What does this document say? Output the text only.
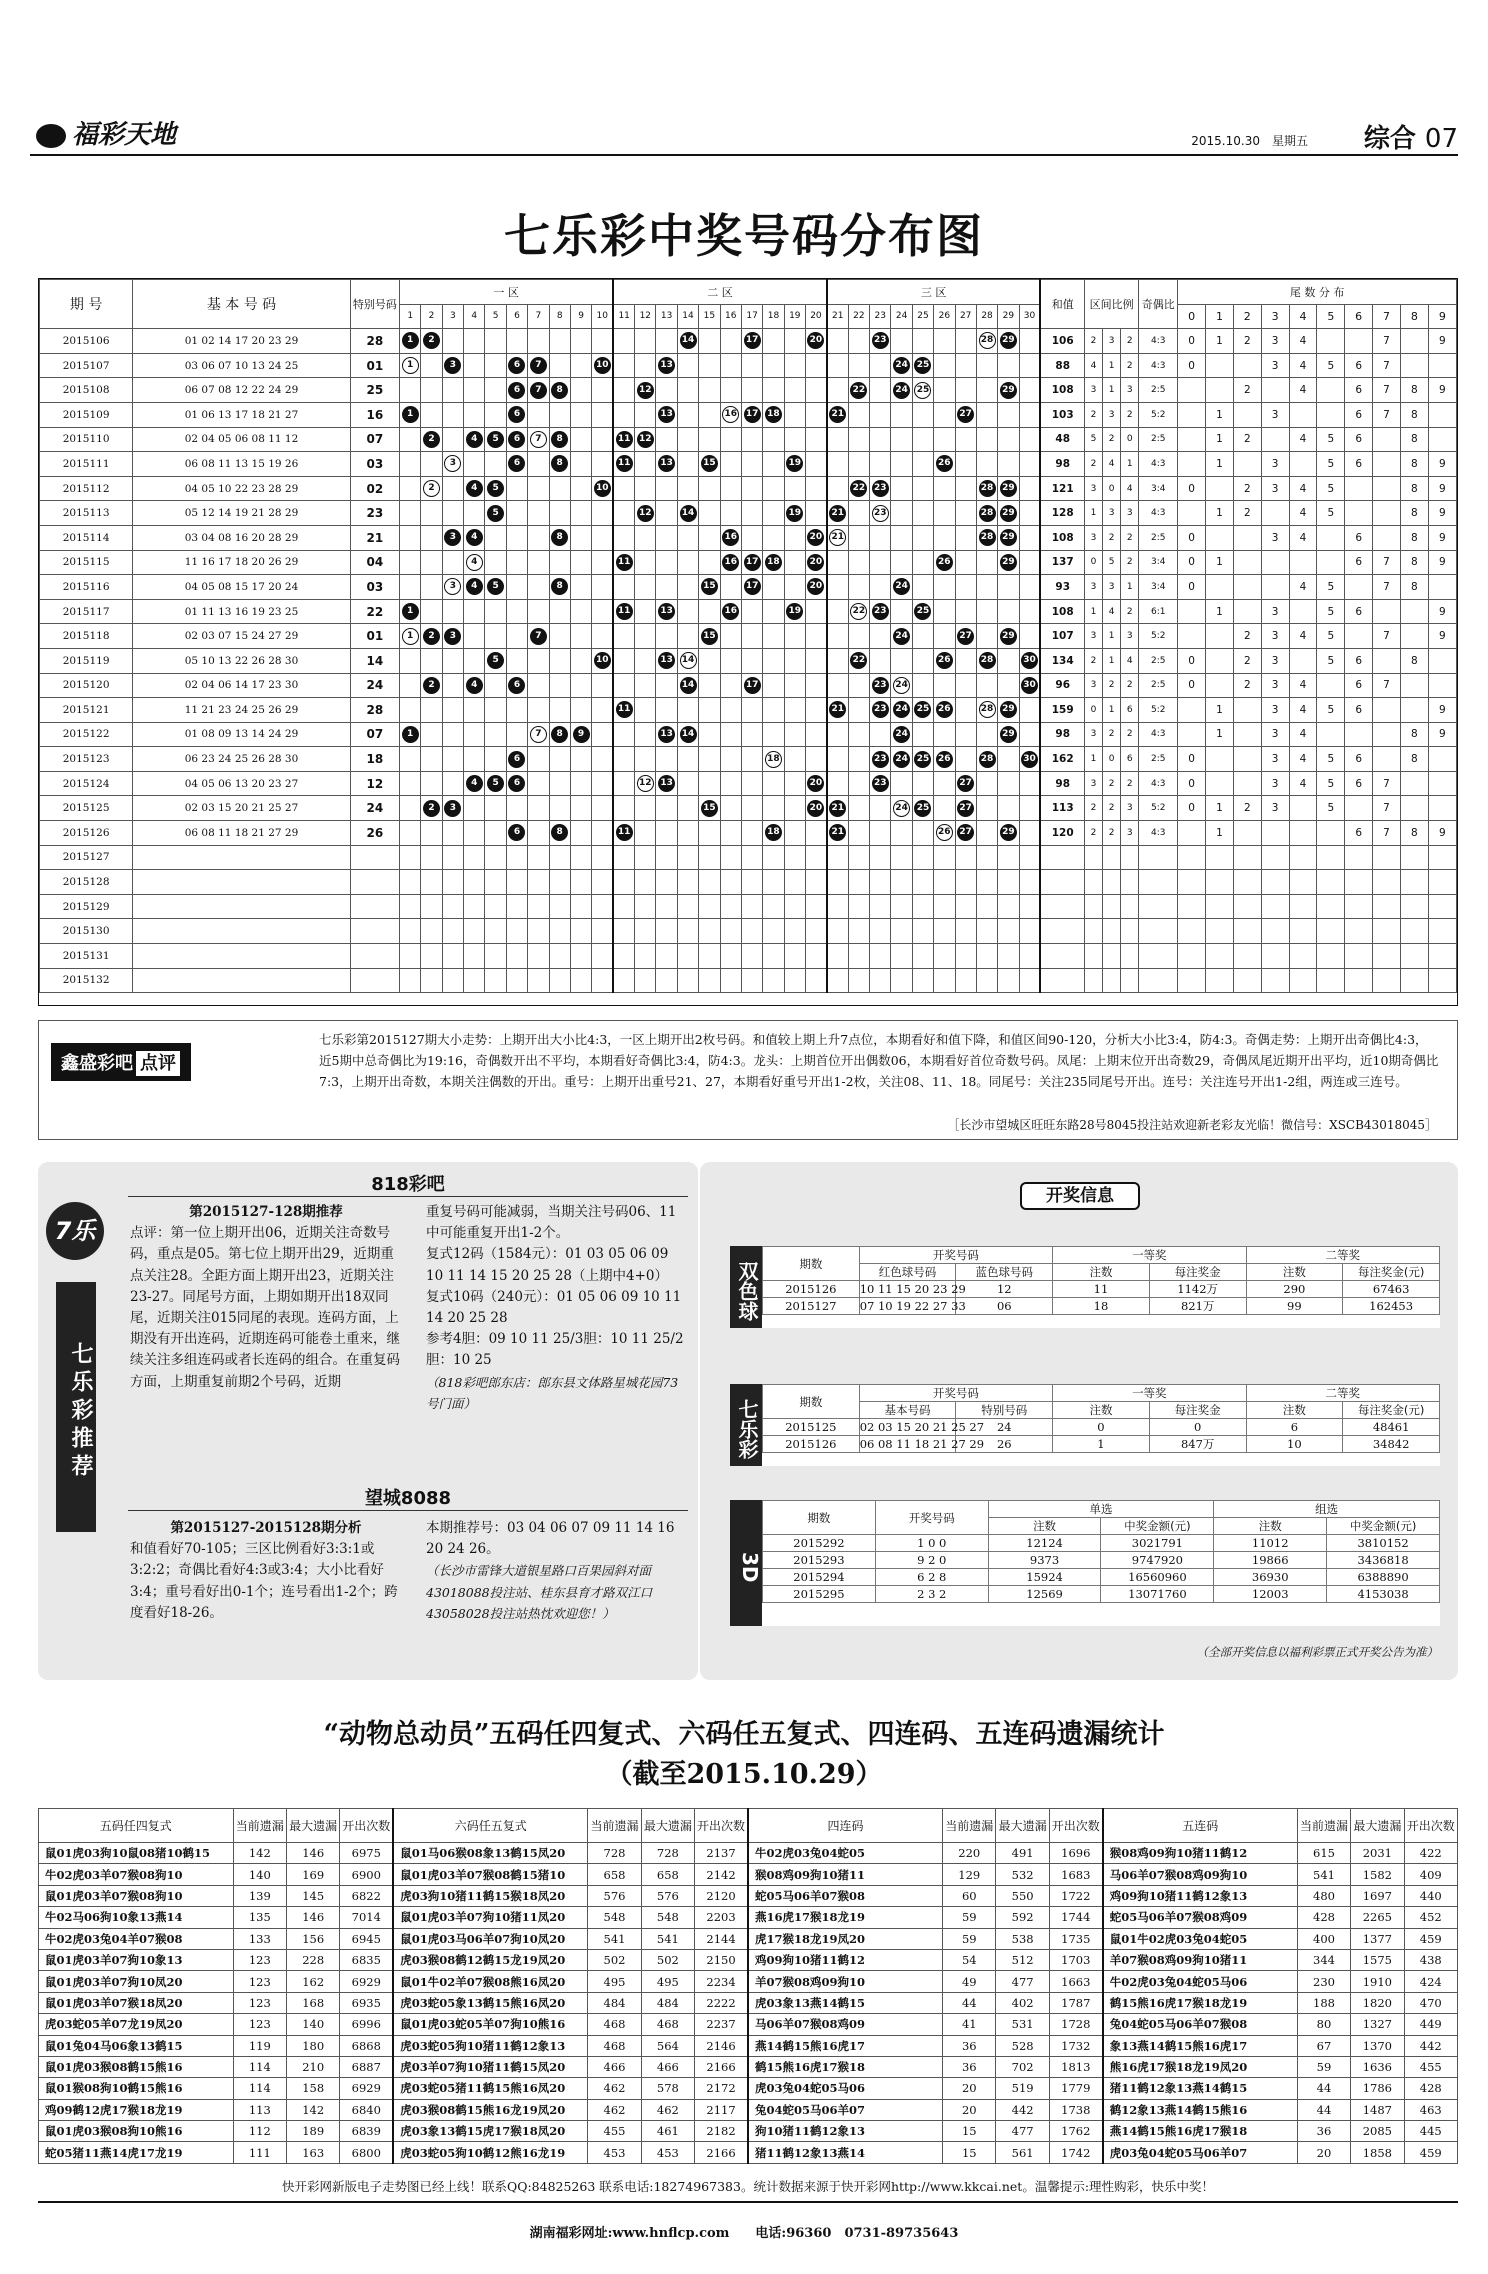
福彩天地	2015.10.30　 星期五 综合 07
七乐彩中奖号码分布图
期 号	基 本 号 码	特别号码	一 区										二 区										三 区										和值	区间比例			奇偶比	尾 数 分 布									
			1	2	3	4	5	6	7	8	9	10	11	12	13	14	15	16	17	18	19	20	21	22	23	24	25	26	27	28	29	30						0	1	2	3	4	5	6	7	8	9
2015106	01 02 14 17 20 23 29	28	1	2												14			17			20			23					28	29		106	2	3	2	4:3	0	1	2	3	4			7		9
2015107	03 06 07 10 13 24 25	01	1		3			6	7			10			13											24	25						88	4	1	2	4:3	0			3	4	5	6	7		
2015108	06 07 08 12 22 24 29	25						6	7	8				12										22		24	25				29		108	3	1	3	2:5			2		4		6	7	8	9
2015109	01 06 13 17 18 21 27	16	1					6							13			16	17	18			21						27				103	2	3	2	5:2		1		3			6	7	8	
2015110	02 04 05 06 08 11 12	07		2		4	5	6	7	8			11	12																			48	5	2	0	2:5		1	2		4	5	6		8	
2015111	06 08 11 13 15 19 26	03			3			6		8			11		13		15				19							26					98	2	4	1	4:3		1		3		5	6		8	9
2015112	04 05 10 22 23 28 29	02		2		4	5					10												22	23					28	29		121	3	0	4	3:4	0		2	3	4	5			8	9
2015113	05 12 14 19 21 28 29	23					5							12		14					19		21		23					28	29		128	1	3	3	4:3		1	2		4	5			8	9
2015114	03 04 08 16 20 28 29	21			3	4				8								16				20	21							28	29		108	3	2	2	2:5	0			3	4		6		8	9
2015115	11 16 17 18 20 26 29	04				4							11					16	17	18		20						26			29		137	0	5	2	3:4	0	1					6	7	8	9
2015116	04 05 08 15 17 20 24	03			3	4	5			8							15		17			20				24							93	3	3	1	3:4	0				4	5		7	8	
2015117	01 11 13 16 19 23 25	22	1										11		13			16			19			22	23		25						108	1	4	2	6:1		1		3		5	6			9
2015118	02 03 07 15 24 27 29	01	1	2	3				7								15									24			27		29		107	3	1	3	5:2			2	3	4	5		7		9
2015119	05 10 13 22 26 28 30	14					5					10			13	14								22				26		28		30	134	2	1	4	2:5	0		2	3		5	6		8	
2015120	02 04 06 14 17 23 30	24		2		4		6								14			17						23	24						30	96	3	2	2	2:5	0		2	3	4		6	7		
2015121	11 21 23 24 25 26 29	28											11										21		23	24	25	26		28	29		159	0	1	6	5:2		1		3	4	5	6			9
2015122	01 08 09 13 14 24 29	07	1						7	8	9				13	14										24					29		98	3	2	2	4:3		1		3	4				8	9
2015123	06 23 24 25 26 28 30	18						6												18					23	24	25	26		28		30	162	1	0	6	2:5	0			3	4	5	6		8	
2015124	04 05 06 13 20 23 27	12				4	5	6						12	13							20			23				27				98	3	2	2	4:3	0			3	4	5	6	7		
2015125	02 03 15 20 21 25 27	24		2	3												15					20	21			24	25		27				113	2	2	3	5:2	0	1	2	3		5		7		
2015126	06 08 11 18 21 27 29	26						6		8			11							18			21					26	27		29		120	2	2	3	4:3		1					6	7	8	9
2015127																																															
2015128																																															
2015129																																															
2015130																																															
2015131																																															
2015132																																															
鑫盛彩吧 点评
七乐彩第2015127期大小走势：上期开出大小比4:3，一区上期开出2枚号码。和值较上期上升7点位，本期看好和值下降，和值区间90-120，分析大小比3:4，防4:3。奇偶走势：上期开出奇偶比4:3，近5期中总奇偶比为19:16，奇偶数开出不平均，本期看好奇偶比3:4，防4:3。龙头：上期首位开出偶数06，本期看好首位奇数号码。凤尾：上期末位开出奇数29，奇偶凤尾近期开出平均，近10期奇偶比7:3，上期开出奇数，本期关注偶数的开出。重号：上期开出重号21、27，本期看好重号开出1-2枚，关注08、11、18。同尾号：关注235同尾号开出。连号：关注连号开出1-2组，两连或三连号。
［长沙市望城区旺旺东路28号8045投注站欢迎新老彩友光临！微信号：XSCB43018045］
7乐
七乐彩推荐
818彩吧

第2015127-128期推荐

点评：第一位上期开出06，近期关注奇数号码，重点是05。第七位上期开出29，近期重点关注28。全距方面上期开出23，近期关注23-27。同尾号方面，上期如期开出18双同尾，近期关注015同尾的表现。连码方面，上期没有开出连码，近期连码可能卷土重来，继续关注多组连码或者长连码的组合。在重复码方面，上期重复前期2个号码，近期

重复号码可能减弱，当期关注号码06、11中可能重复开出1-2个。

复式12码（1584元）：01 03 05 06 09 10 11 14 15 20 25 28（上期中4+0）

复式10码（240元）：01 05 06 09 10 11 14 20 25 28

参考4胆：09 10 11 25/3胆：10 11 25/2胆：10 25

（818彩吧郎东店：郎东县文体路星城花园73号门面）

望城8088

第2015127-2015128期分析

和值看好70-105；三区比例看好3:3:1或3:2:2；奇偶比看好4:3或3:4；大小比看好3:4；重号看好出0-1个；连号看出1-2个；跨度看好18-26。

本期推荐号：03 04 06 07 09 11 14 16 20 24 26。

（长沙市雷锋大道银星路口百果园斜对面43018088投注站、桂东县育才路双江口43058028投注站热忱欢迎您！）

开奖信息
双色球	期数	开奖号码		一等奖		二等奖	
	红色球号码	蓝色球号码	注数	每注奖金	注数	每注奖金(元)
2015126	10 11 15 20 23 29	12	11	1142万	290	67463
2015127	07 10 19 22 27 33	06	18	821万	99	162453
七乐彩	期数	开奖号码		一等奖		二等奖	
	基本号码	特别号码	注数	每注奖金	注数	每注奖金(元)
2015125	02 03 15 20 21 25 27	24	0	0	6	48461
2015126	06 08 11 18 21 27 29	26	1	847万	10	34842
3D
期数	开奖号码	单选		组选	
		注数	中奖金额(元)	注数	中奖金额(元)
2015292	1 0 0	12124	3021791	11012	3810152
2015293	9 2 0	9373	9747920	19866	3436818
2015294	6 2 8	15924	16560960	36930	6388890
2015295	2 3 2	12569	13071760	12003	4153038
（全部开奖信息以福利彩票正式开奖公告为准）
“动物总动员”五码任四复式、六码任五复式、四连码、五连码遗漏统计
（截至2015.10.29）
五码任四复式	当前遗漏	最大遗漏	开出次数	六码任五复式	当前遗漏	最大遗漏	开出次数	四连码	当前遗漏	最大遗漏	开出次数	五连码	当前遗漏	最大遗漏	开出次数
鼠01虎03狗10鼠08猪10鹤15	142	146	6975	鼠01马06猴08象13鹤15凤20	728	728	2137	牛02虎03兔04蛇05	220	491	1696	猴08鸡09狗10猪11鹤12	615	2031	422
牛02虎03羊07猴08狗10	140	169	6900	鼠01虎03羊07猴08鹤15猪10	658	658	2142	猴08鸡09狗10猪11	129	532	1683	马06羊07猴08鸡09狗10	541	1582	409
鼠01虎03羊07猴08狗10	139	145	6822	虎03狗10猪11鹤15猴18凤20	576	576	2120	蛇05马06羊07猴08	60	550	1722	鸡09狗10猪11鹤12象13	480	1697	440
牛02马06狗10象13燕14	135	146	7014	鼠01虎03羊07狗10猪11凤20	548	548	2203	燕16虎17猴18龙19	59	592	1744	蛇05马06羊07猴08鸡09	428	2265	452
牛02虎03兔04羊07猴08	133	156	6945	鼠01虎03马06羊07狗10凤20	541	541	2144	虎17猴18龙19凤20	59	538	1735	鼠01牛02虎03兔04蛇05	400	1377	459
鼠01虎03羊07狗10象13	123	228	6835	虎03猴08鹤12鹤15龙19凤20	502	502	2150	鸡09狗10猪11鹤12	54	512	1703	羊07猴08鸡09狗10猪11	344	1575	438
鼠01虎03羊07狗10凤20	123	162	6929	鼠01牛02羊07猴08熊16凤20	495	495	2234	羊07猴08鸡09狗10	49	477	1663	牛02虎03兔04蛇05马06	230	1910	424
鼠01虎03羊07猴18凤20	123	168	6935	虎03蛇05象13鹤15熊16凤20	484	484	2222	虎03象13燕14鹤15	44	402	1787	鹤15熊16虎17猴18龙19	188	1820	470
虎03蛇05羊07龙19凤20	123	140	6996	鼠01虎03蛇05羊07狗10熊16	468	468	2237	马06羊07猴08鸡09	41	531	1728	兔04蛇05马06羊07猴08	80	1327	449
鼠01兔04马06象13鹤15	119	180	6868	虎03蛇05狗10猪11鹤12象13	468	564	2146	燕14鹤15熊16虎17	36	528	1732	象13燕14鹤15熊16虎17	67	1370	442
鼠01虎03猴08鹤15熊16	114	210	6887	虎03羊07狗10猪11鹤15凤20	466	466	2166	鹤15熊16虎17猴18	36	702	1813	熊16虎17猴18龙19凤20	59	1636	455
鼠01猴08狗10鹤15熊16	114	158	6929	虎03蛇05猪11鹤15熊16凤20	462	578	2172	虎03兔04蛇05马06	20	519	1779	猪11鹤12象13燕14鹤15	44	1786	428
鸡09鹤12虎17猴18龙19	113	142	6840	虎03猴08鹤15熊16龙19凤20	462	462	2117	兔04蛇05马06羊07	20	442	1738	鹤12象13燕14鹤15熊16	44	1487	463
鼠01虎03猴08狗10熊16	112	189	6839	虎03象13鹤15虎17猴18凤20	455	461	2182	狗10猪11鹤12象13	15	477	1762	燕14鹤15熊16虎17猴18	36	2085	445
蛇05猪11燕14虎17龙19	111	163	6800	虎03蛇05狗10鹤12熊16龙19	453	453	2166	猪11鹤12象13燕14	15	561	1742	虎03兔04蛇05马06羊07	20	1858	459
快开彩网新版电子走势图已经上线！联系QQ:84825263 联系电话:18274967383。统计数据来源于快开彩网http://www.kkcai.net。温馨提示:理性购彩，快乐中奖！
湖南福彩网址:www.hnflcp.com　　电话:96360　0731-89735643
